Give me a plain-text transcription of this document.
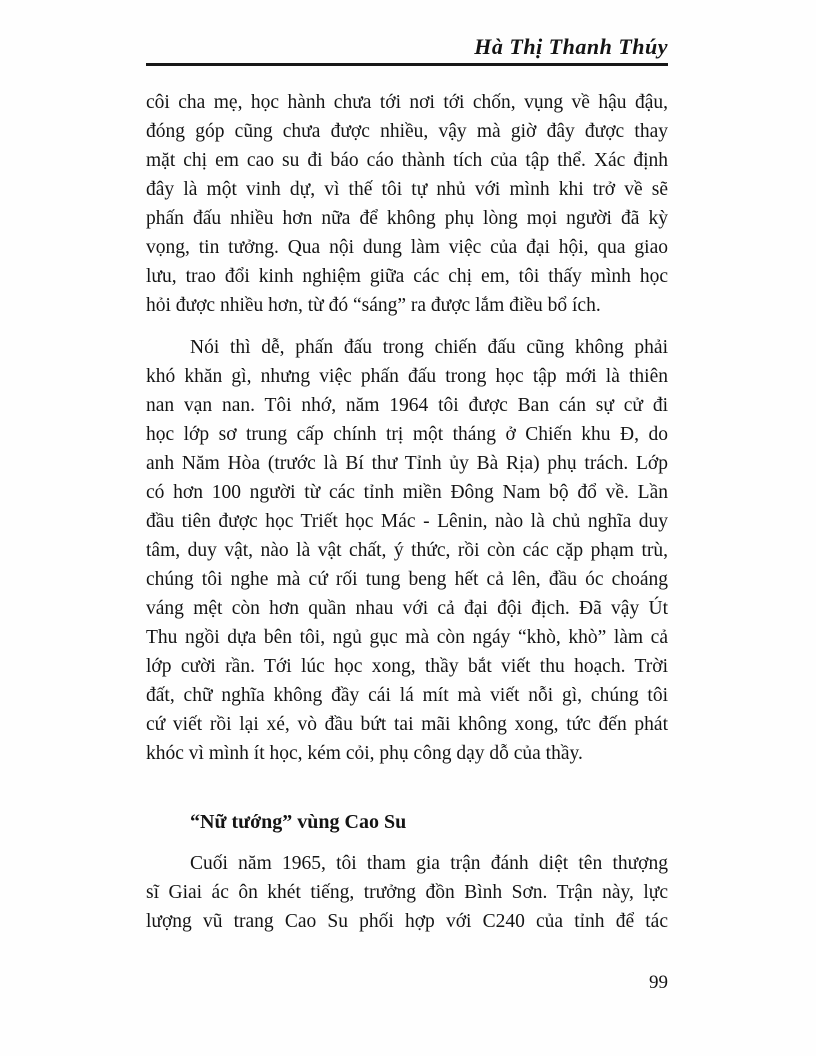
Hà Thị Thanh Thúy
côi cha mẹ, học hành chưa tới nơi tới chốn, vụng về hậu đậu,
đóng góp cũng chưa được nhiều, vậy mà giờ đây được thay
mặt chị em cao su đi báo cáo thành tích của tập thể. Xác định
đây là một vinh dự, vì thế tôi tự nhủ với mình khi trở về sẽ
phấn đấu nhiều hơn nữa để không phụ lòng mọi người đã kỳ
vọng, tin tưởng. Qua nội dung làm việc của đại hội, qua giao
lưu, trao đổi kinh nghiệm giữa các chị em, tôi thấy mình học
hỏi được nhiều hơn, từ đó “sáng” ra được lắm điều bổ ích.
Nói thì dễ, phấn đấu trong chiến đấu cũng không phải
khó khăn gì, nhưng việc phấn đấu trong học tập mới là thiên
nan vạn nan. Tôi nhớ, năm 1964 tôi được Ban cán sự cử đi
học lớp sơ trung cấp chính trị một tháng ở Chiến khu Đ, do
anh Năm Hòa (trước là Bí thư Tỉnh ủy Bà Rịa) phụ trách. Lớp
có hơn 100 người từ các tỉnh miền Đông Nam bộ đổ về. Lần
đầu tiên được học Triết học Mác - Lênin, nào là chủ nghĩa duy
tâm, duy vật, nào là vật chất, ý thức, rồi còn các cặp phạm trù,
chúng tôi nghe mà cứ rối tung beng hết cả lên, đầu óc choáng
váng mệt còn hơn quần nhau với cả đại đội địch. Đã vậy Út
Thu ngồi dựa bên tôi, ngủ gục mà còn ngáy “khò, khò” làm cả
lớp cười rần. Tới lúc học xong, thầy bắt viết thu hoạch. Trời
đất, chữ nghĩa không đầy cái lá mít mà viết nỗi gì, chúng tôi
cứ viết rồi lại xé, vò đầu bứt tai mãi không xong, tức đến phát
khóc vì mình ít học, kém cỏi, phụ công dạy dỗ của thầy.
“Nữ tướng” vùng Cao Su
Cuối năm 1965, tôi tham gia trận đánh diệt tên thượng
sĩ Giai ác ôn khét tiếng, trưởng đồn Bình Sơn. Trận này, lực
lượng vũ trang Cao Su phối hợp với C240 của tỉnh để tác
99
